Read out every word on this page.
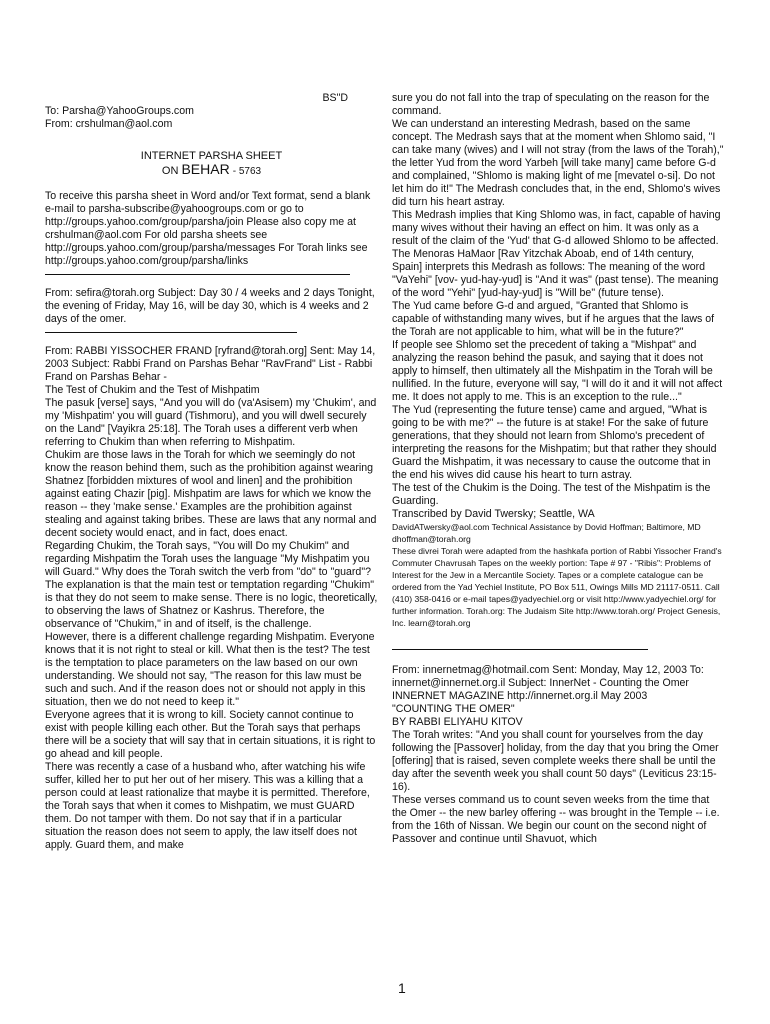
BS"D

To: Parsha@YahooGroups.com

From: crshulman@aol.com

INTERNET PARSHA SHEET

ON BEHAR - 5763

To receive this parsha sheet in Word and/or Text format, send a blank e-mail to parsha-subscribe@yahoogroups.com or go to http://groups.yahoo.com/group/parsha/join Please also copy me at crshulman@aol.com For old parsha sheets see http://groups.yahoo.com/group/parsha/messages For Torah links see http://groups.yahoo.com/group/parsha/links

From: sefira@torah.org Subject: Day 30 / 4 weeks and 2 days Tonight, the evening of Friday, May 16, will be day 30, which is 4 weeks and 2 days of the omer.

From: RABBI YISSOCHER FRAND [ryfrand@torah.org] Sent: May 14, 2003 Subject: Rabbi Frand on Parshas Behar "RavFrand" List - Rabbi Frand on Parshas Behar -

The Test of Chukim and the Test of Mishpatim

The pasuk [verse] says, "And you will do (va'Asisem) my 'Chukim', and my 'Mishpatim' you will guard (Tishmoru), and you will dwell securely on the Land" [Vayikra 25:18]. The Torah uses a different verb when referring to Chukim than when referring to Mishpatim.

Chukim are those laws in the Torah for which we seemingly do not know the reason behind them, such as the prohibition against wearing Shatnez [forbidden mixtures of wool and linen] and the prohibition against eating Chazir [pig]. Mishpatim are laws for which we know the reason -- they 'make sense.' Examples are the prohibition against stealing and against taking bribes. These are laws that any normal and decent society would enact, and in fact, does enact.

Regarding Chukim, the Torah says, "You will Do my Chukim" and regarding Mishpatim the Torah uses the language "My Mishpatim you will Guard." Why does the Torah switch the verb from "do" to "guard"?

The explanation is that the main test or temptation regarding "Chukim" is that they do not seem to make sense. There is no logic, theoretically, to observing the laws of Shatnez or Kashrus. Therefore, the observance of "Chukim," in and of itself, is the challenge.

However, there is a different challenge regarding Mishpatim. Everyone knows that it is not right to steal or kill. What then is the test? The test is the temptation to place parameters on the law based on our own understanding. We should not say, "The reason for this law must be such and such. And if the reason does not or should not apply in this situation, then we do not need to keep it."

Everyone agrees that it is wrong to kill. Society cannot continue to exist with people killing each other. But the Torah says that perhaps there will be a society that will say that in certain situations, it is right to go ahead and kill people.

There was recently a case of a husband who, after watching his wife suffer, killed her to put her out of her misery. This was a killing that a person could at least rationalize that maybe it is permitted. Therefore, the Torah says that when it comes to Mishpatim, we must GUARD them. Do not tamper with them. Do not say that if in a particular situation the reason does not seem to apply, the law itself does not apply. Guard them, and make

sure you do not fall into the trap of speculating on the reason for the command.

We can understand an interesting Medrash, based on the same concept. The Medrash says that at the moment when Shlomo said, "I can take many (wives) and I will not stray (from the laws of the Torah)," the letter Yud from the word Yarbeh [will take many] came before G-d and complained, "Shlomo is making light of me [mevatel o-si]. Do not let him do it!" The Medrash concludes that, in the end, Shlomo's wives did turn his heart astray.

This Medrash implies that King Shlomo was, in fact, capable of having many wives without their having an effect on him. It was only as a result of the claim of the 'Yud' that G-d allowed Shlomo to be affected.

The Menoras HaMaor [Rav Yitzchak Aboab, end of 14th century, Spain] interprets this Medrash as follows: The meaning of the word "VaYehi" [vov- yud-hay-yud] is "And it was" (past tense). The meaning of the word "Yehi" [yud-hay-yud] is "Will be" (future tense).

The Yud came before G-d and argued, "Granted that Shlomo is capable of withstanding many wives, but if he argues that the laws of the Torah are not applicable to him, what will be in the future?"

If people see Shlomo set the precedent of taking a "Mishpat" and analyzing the reason behind the pasuk, and saying that it does not apply to himself, then ultimately all the Mishpatim in the Torah will be nullified. In the future, everyone will say, "I will do it and it will not affect me. It does not apply to me. This is an exception to the rule..."

The Yud (representing the future tense) came and argued, "What is going to be with me?" -- the future is at stake! For the sake of future generations, that they should not learn from Shlomo's precedent of interpreting the reasons for the Mishpatim; but that rather they should Guard the Mishpatim, it was necessary to cause the outcome that in the end his wives did cause his heart to turn astray.

The test of the Chukim is the Doing. The test of the Mishpatim is the Guarding.

Transcribed by David Twersky; Seattle, WA

DavidATwersky@aol.com Technical Assistance by Dovid Hoffman; Baltimore, MD dhoffman@torah.org

These divrei Torah were adapted from the hashkafa portion of Rabbi Yissocher Frand's Commuter Chavrusah Tapes on the weekly portion: Tape # 97 - "Ribis": Problems of Interest for the Jew in a Mercantile Society. Tapes or a complete catalogue can be ordered from the Yad Yechiel Institute, PO Box 511, Owings Mills MD 21117-0511. Call (410) 358-0416 or e-mail tapes@yadyechiel.org or visit http://www.yadyechiel.org/ for further information. Torah.org: The Judaism Site http://www.torah.org/ Project Genesis, Inc. learn@torah.org

From: innernetmag@hotmail.com Sent: Monday, May 12, 2003 To: innernet@innernet.org.il Subject: InnerNet - Counting the Omer INNERNET MAGAZINE http://innernet.org.il May 2003

"COUNTING THE OMER"

BY RABBI ELIYAHU KITOV

The Torah writes: "And you shall count for yourselves from the day following the [Passover] holiday, from the day that you bring the Omer [offering] that is raised, seven complete weeks there shall be until the day after the seventh week you shall count 50 days" (Leviticus 23:15-16).

These verses command us to count seven weeks from the time that the Omer -- the new barley offering -- was brought in the Temple -- i.e. from the 16th of Nissan. We begin our count on the second night of Passover and continue until Shavuot, which

1
